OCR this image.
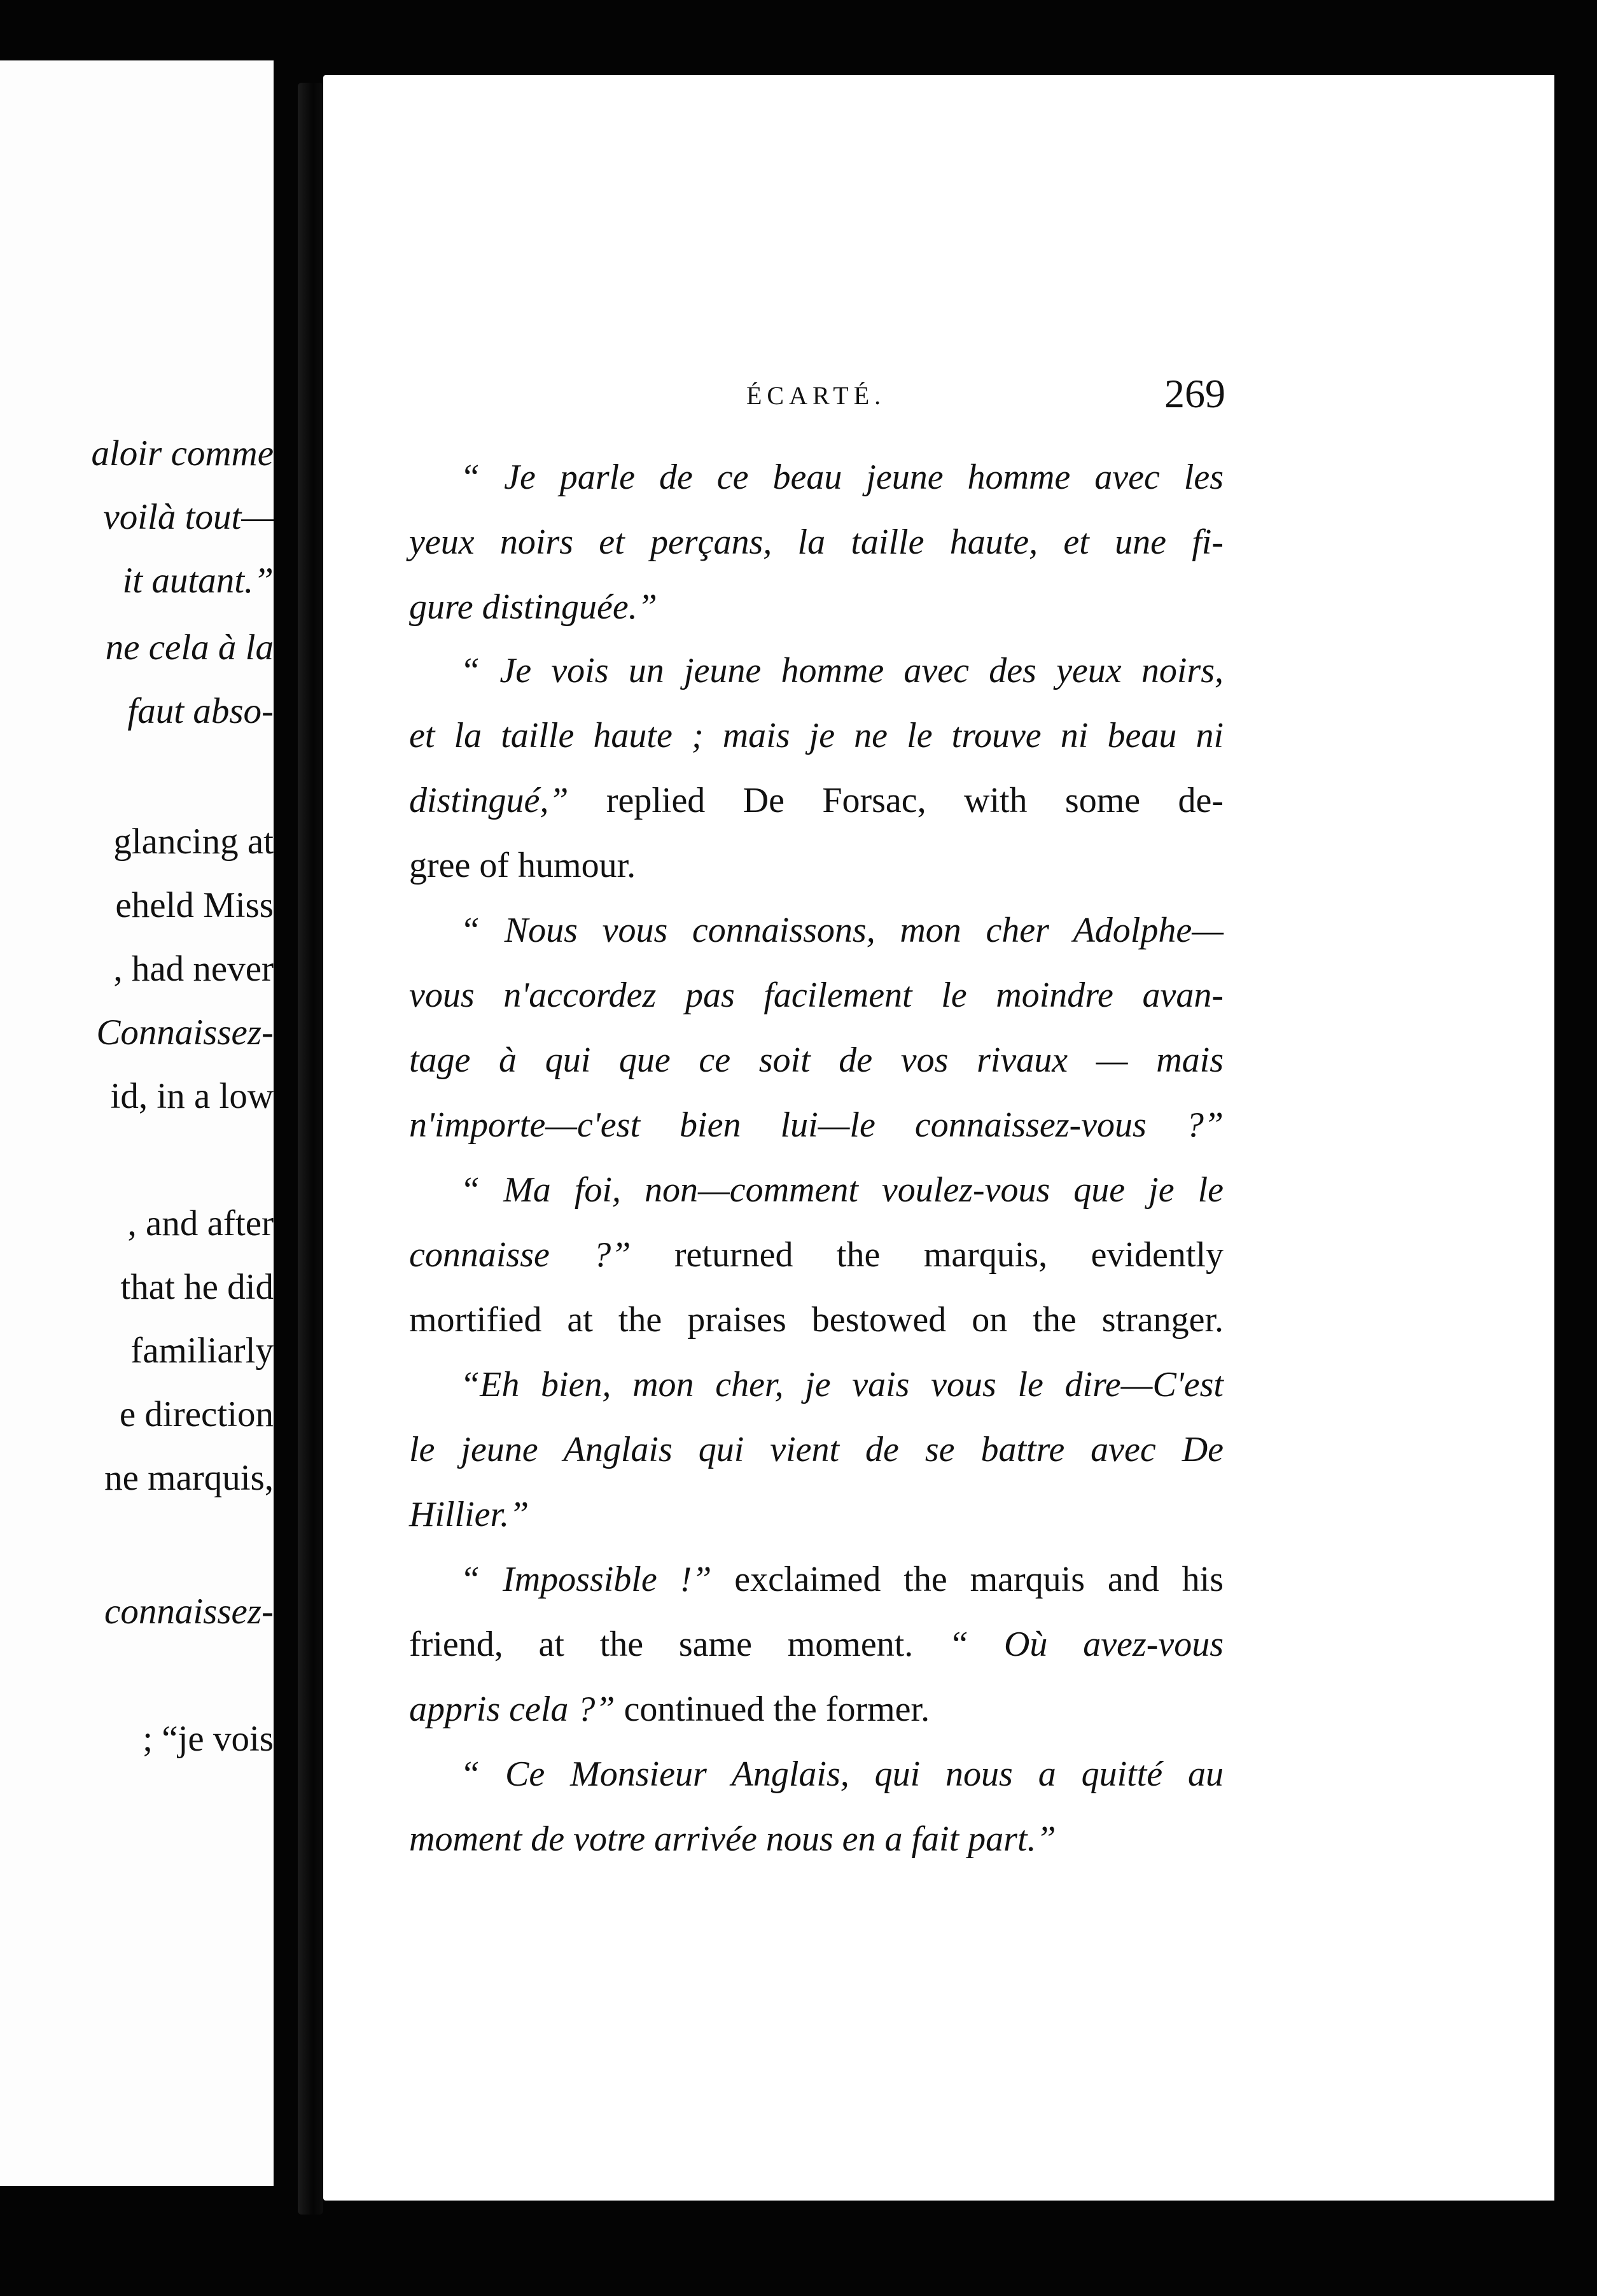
aloir comme
voilà tout—
it autant.”
ne cela à la
faut abso-
glancing at
eheld Miss
, had never
Connaissez-
id, in a low
, and after
that he did
familiarly
e direction
ne marquis,
connaissez-
; “je vois
ÉCARTÉ.	269
“ Je parle de ce beau jeune homme avec les
yeux noirs et perçans, la taille haute, et une fi-
gure distinguée.”
“ Je vois un jeune homme avec des yeux noirs,
et la taille haute ; mais je ne le trouve ni beau ni
distingué,” replied De Forsac, with some de-
gree of humour.
“ Nous vous connaissons, mon cher Adolphe—
vous n'accordez pas facilement le moindre avan-
tage à qui que ce soit de vos rivaux — mais
n'importe—c'est bien lui—le connaissez-vous ?”
“ Ma foi, non—comment voulez-vous que je le
connaisse ?” returned the marquis, evidently
mortified at the praises bestowed on the stranger.
“Eh bien, mon cher, je vais vous le dire—C'est
le jeune Anglais qui vient de se battre avec De
Hillier.”
“ Impossible !” exclaimed the marquis and his
friend, at the same moment. “ Où avez-vous
appris cela ?” continued the former.
“ Ce Monsieur Anglais, qui nous a quitté au
moment de votre arrivée nous en a fait part.”
